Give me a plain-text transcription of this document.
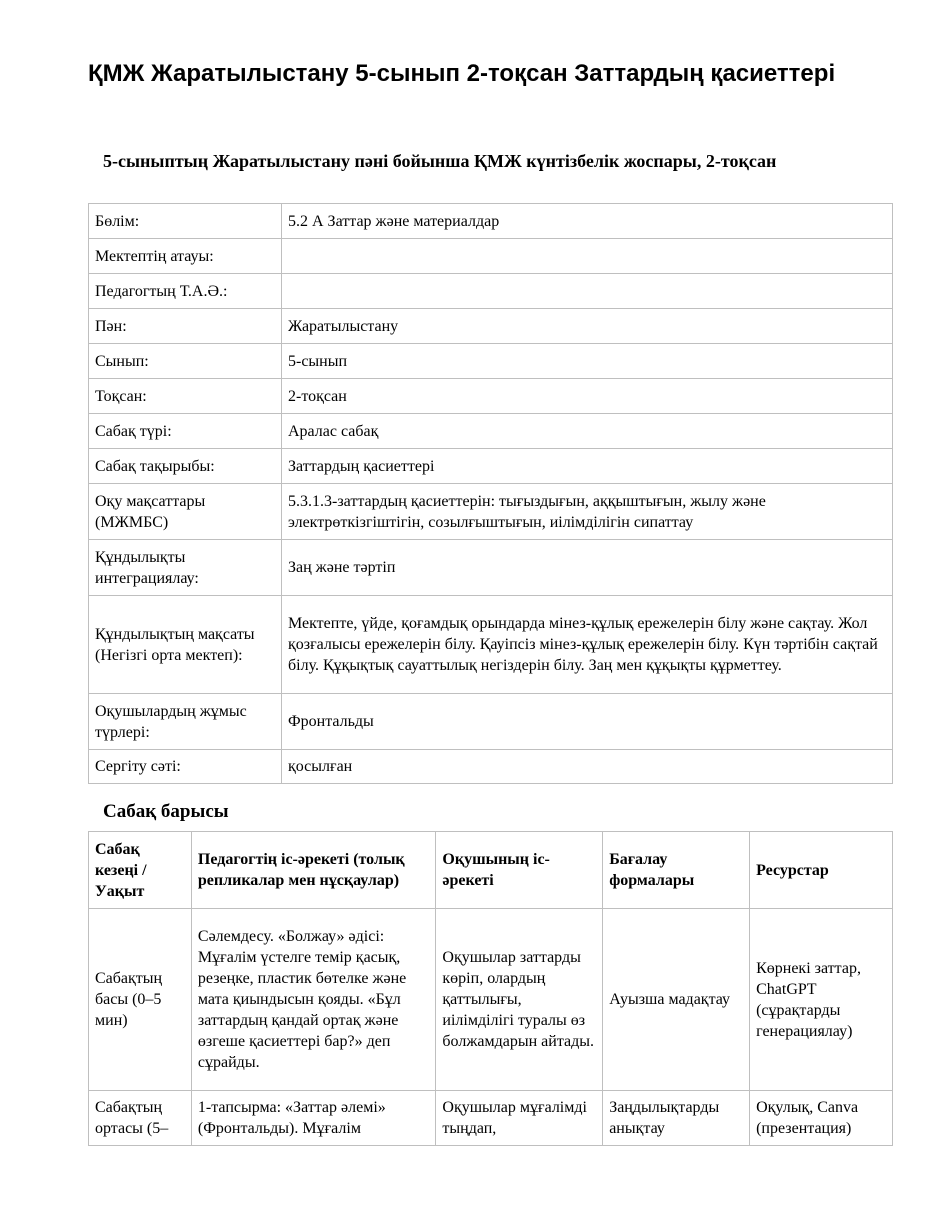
ҚМЖ Жаратылыстану 5-сынып 2-тоқсан Заттардың қасиеттері
5-сыныптың Жаратылыстану пәні бойынша ҚМЖ күнтізбелік жоспары, 2-тоқсан
Бөлім:	5.2 А Заттар және материалдар
Мектептің атауы:	
Педагогтың Т.А.Ә.:	
Пән:	Жаратылыстану
Сынып:	5-сынып
Тоқсан:	2-тоқсан
Сабақ түрі:	Аралас сабақ
Сабақ тақырыбы:	Заттардың қасиеттері
Оқу мақсаттары (МЖМБС)	5.3.1.3-заттардың қасиеттерін: тығыздығын, аққыштығын, жылу және электрөткізгіштігін, созылғыштығын, иілімділігін сипаттау
Құндылықты интеграциялау:	Заң және тәртіп
Құндылықтың мақсаты (Негізгі орта мектеп):	Мектепте, үйде, қоғамдық орындарда мінез-құлық ережелерін білу және сақтау. Жол қозғалысы ережелерін білу. Қауіпсіз мінез-құлық ережелерін білу. Күн тәртібін сақтай білу. Құқықтық сауаттылық негіздерін білу. Заң мен құқықты құрметтеу.
Оқушылардың жұмыс түрлері:	Фронтальды
Сергіту сәті:	қосылған
Сабақ барысы
Сабақ кезеңі / Уақыт	Педагогтің іс-әрекеті (толық репликалар мен нұсқаулар)	Оқушының іс-әрекеті	Бағалау формалары	Ресурстар
Сабақтың басы (0–5 мин)	Сәлемдесу. «Болжау» әдісі: Мұғалім үстелге темір қасық, резеңке, пластик бөтелке және мата қиындысын қояды. «Бұл заттардың қандай ортақ және өзгеше қасиеттері бар?» деп сұрайды.	Оқушылар заттарды көріп, олардың қаттылығы, иілімділігі туралы өз болжамдарын айтады.	Ауызша мадақтау	Көрнекі заттар, ChatGPT (сұрақтарды генерациялау)
Сабақтың ортасы (5–	1-тапсырма: «Заттар әлемі» (Фронтальды). Мұғалім	Оқушылар мұғалімді тыңдап,	Заңдылықтарды анықтау	Оқулық, Canva (презентация)
